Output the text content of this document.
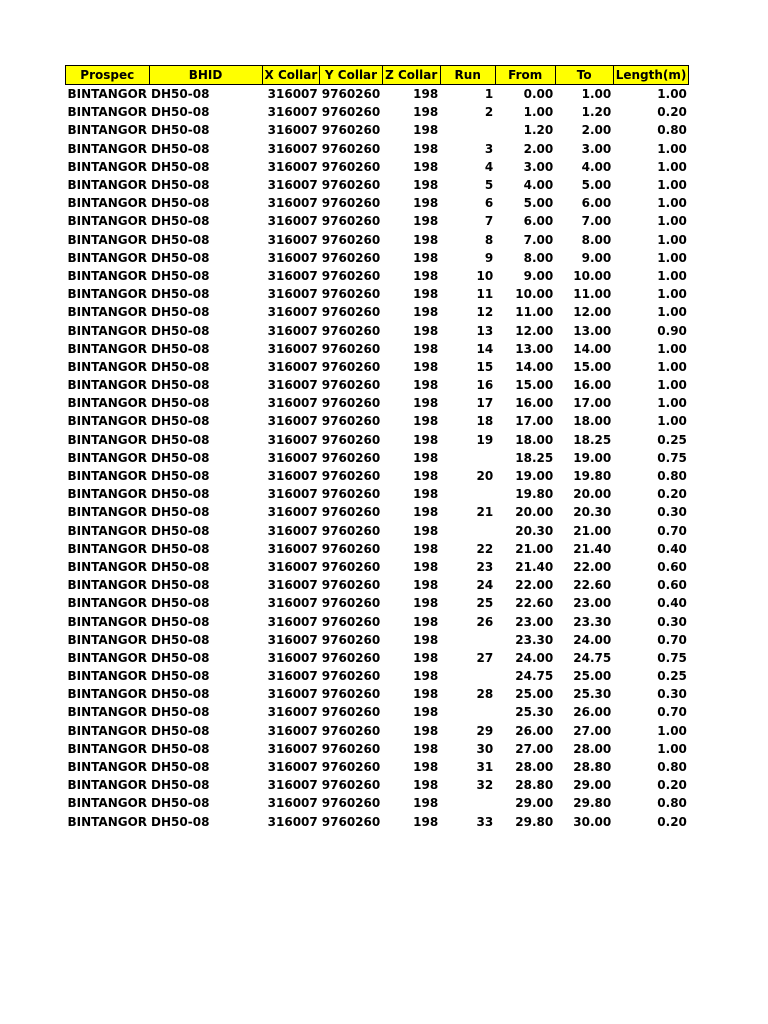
Prospec	BHID	X Collar	Y Collar	Z Collar	Run	From	To	Length(m)
BINTANGOR	DH50-08	316007	9760260	198	1	0.00	1.00	1.00
BINTANGOR	DH50-08	316007	9760260	198	2	1.00	1.20	0.20
BINTANGOR	DH50-08	316007	9760260	198		1.20	2.00	0.80
BINTANGOR	DH50-08	316007	9760260	198	3	2.00	3.00	1.00
BINTANGOR	DH50-08	316007	9760260	198	4	3.00	4.00	1.00
BINTANGOR	DH50-08	316007	9760260	198	5	4.00	5.00	1.00
BINTANGOR	DH50-08	316007	9760260	198	6	5.00	6.00	1.00
BINTANGOR	DH50-08	316007	9760260	198	7	6.00	7.00	1.00
BINTANGOR	DH50-08	316007	9760260	198	8	7.00	8.00	1.00
BINTANGOR	DH50-08	316007	9760260	198	9	8.00	9.00	1.00
BINTANGOR	DH50-08	316007	9760260	198	10	9.00	10.00	1.00
BINTANGOR	DH50-08	316007	9760260	198	11	10.00	11.00	1.00
BINTANGOR	DH50-08	316007	9760260	198	12	11.00	12.00	1.00
BINTANGOR	DH50-08	316007	9760260	198	13	12.00	13.00	0.90
BINTANGOR	DH50-08	316007	9760260	198	14	13.00	14.00	1.00
BINTANGOR	DH50-08	316007	9760260	198	15	14.00	15.00	1.00
BINTANGOR	DH50-08	316007	9760260	198	16	15.00	16.00	1.00
BINTANGOR	DH50-08	316007	9760260	198	17	16.00	17.00	1.00
BINTANGOR	DH50-08	316007	9760260	198	18	17.00	18.00	1.00
BINTANGOR	DH50-08	316007	9760260	198	19	18.00	18.25	0.25
BINTANGOR	DH50-08	316007	9760260	198		18.25	19.00	0.75
BINTANGOR	DH50-08	316007	9760260	198	20	19.00	19.80	0.80
BINTANGOR	DH50-08	316007	9760260	198		19.80	20.00	0.20
BINTANGOR	DH50-08	316007	9760260	198	21	20.00	20.30	0.30
BINTANGOR	DH50-08	316007	9760260	198		20.30	21.00	0.70
BINTANGOR	DH50-08	316007	9760260	198	22	21.00	21.40	0.40
BINTANGOR	DH50-08	316007	9760260	198	23	21.40	22.00	0.60
BINTANGOR	DH50-08	316007	9760260	198	24	22.00	22.60	0.60
BINTANGOR	DH50-08	316007	9760260	198	25	22.60	23.00	0.40
BINTANGOR	DH50-08	316007	9760260	198	26	23.00	23.30	0.30
BINTANGOR	DH50-08	316007	9760260	198		23.30	24.00	0.70
BINTANGOR	DH50-08	316007	9760260	198	27	24.00	24.75	0.75
BINTANGOR	DH50-08	316007	9760260	198		24.75	25.00	0.25
BINTANGOR	DH50-08	316007	9760260	198	28	25.00	25.30	0.30
BINTANGOR	DH50-08	316007	9760260	198		25.30	26.00	0.70
BINTANGOR	DH50-08	316007	9760260	198	29	26.00	27.00	1.00
BINTANGOR	DH50-08	316007	9760260	198	30	27.00	28.00	1.00
BINTANGOR	DH50-08	316007	9760260	198	31	28.00	28.80	0.80
BINTANGOR	DH50-08	316007	9760260	198	32	28.80	29.00	0.20
BINTANGOR	DH50-08	316007	9760260	198		29.00	29.80	0.80
BINTANGOR	DH50-08	316007	9760260	198	33	29.80	30.00	0.20
